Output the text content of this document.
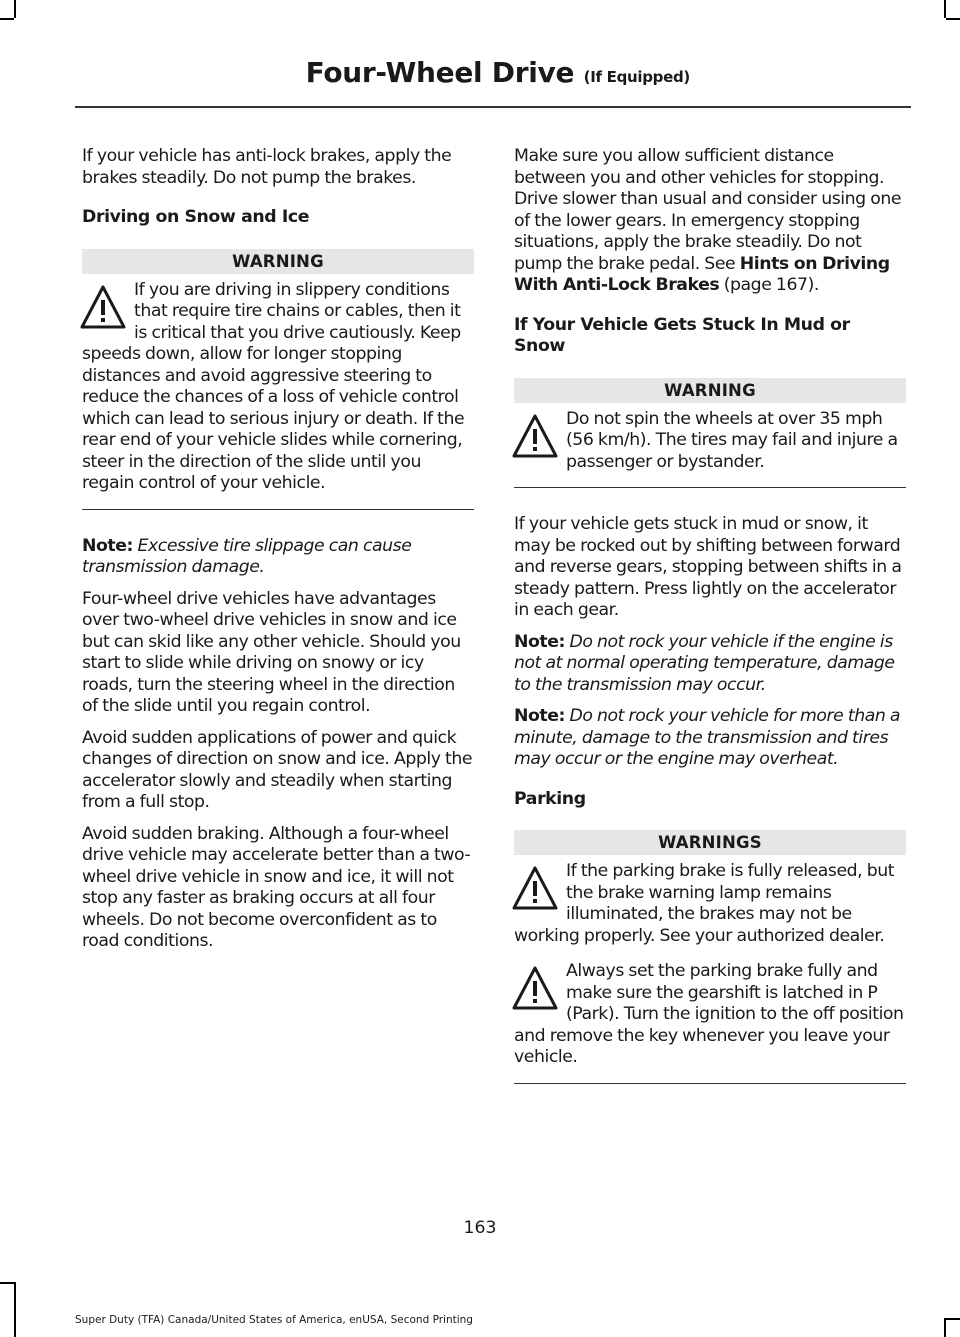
Four-Wheel Drive (If Equipped)

If your vehicle has anti-lock brakes, apply the brakes steadily. Do not pump the brakes.

Driving on Snow and Ice
WARNING

If you are driving in slippery conditions that require tire chains or cables, then it is critical that you drive cautiously. Keep speeds down, allow for longer stopping distances and avoid aggressive steering to reduce the chances of a loss of vehicle control which can lead to serious injury or death. If the rear end of your vehicle slides while cornering, steer in the direction of the slide until you regain control of your vehicle.

Note: Excessive tire slippage can cause transmission damage.

Four-wheel drive vehicles have advantages over two-wheel drive vehicles in snow and ice but can skid like any other vehicle. Should you start to slide while driving on snowy or icy roads, turn the steering wheel in the direction of the slide until you regain control.

Avoid sudden applications of power and quick changes of direction on snow and ice. Apply the accelerator slowly and steadily when starting from a full stop.

Avoid sudden braking. Although a four-wheel drive vehicle may accelerate better than a two-wheel drive vehicle in snow and ice, it will not stop any faster as braking occurs at all four wheels. Do not become overconfident as to road conditions.

Make sure you allow sufficient distance between you and other vehicles for stopping. Drive slower than usual and consider using one of the lower gears. In emergency stopping situations, apply the brake steadily. Do not pump the brake pedal. See Hints on Driving With Anti-Lock Brakes (page 167).

If Your Vehicle Gets Stuck In Mud or Snow
WARNING

Do not spin the wheels at over 35 mph (56 km/h). The tires may fail and injure a passenger or bystander.

If your vehicle gets stuck in mud or snow, it may be rocked out by shifting between forward and reverse gears, stopping between shifts in a steady pattern. Press lightly on the accelerator in each gear.

Note: Do not rock your vehicle if the engine is not at normal operating temperature, damage to the transmission may occur.

Note: Do not rock your vehicle for more than a minute, damage to the transmission and tires may occur or the engine may overheat.

Parking
WARNINGS

If the parking brake is fully released, but the brake warning lamp remains illuminated, the brakes may not be working properly. See your authorized dealer.

Always set the parking brake fully and make sure the gearshift is latched in P (Park). Turn the ignition to the off position and remove the key whenever you leave your vehicle.

163
Super Duty (TFA) Canada/United States of America, enUSA, Second Printing
